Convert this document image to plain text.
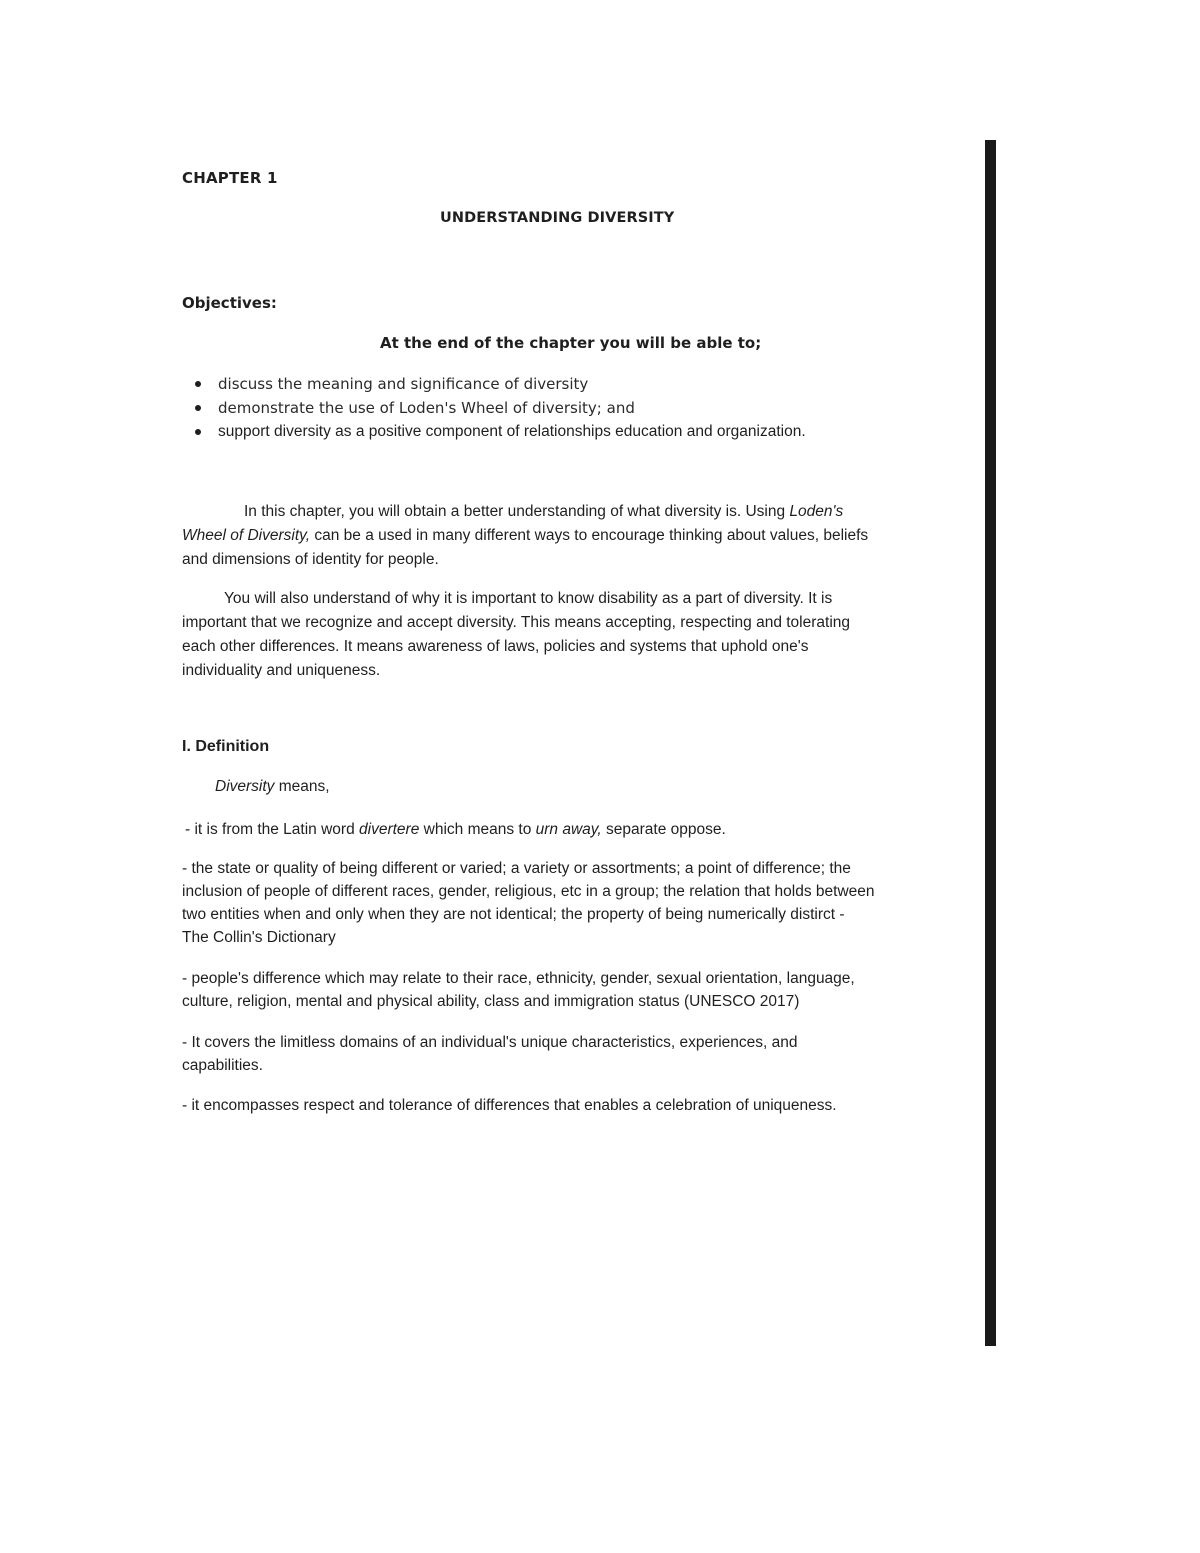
CHAPTER 1
UNDERSTANDING DIVERSITY
Objectives:
At the end of the chapter you will be able to;
discuss the meaning and significance of diversity
demonstrate the use of Loden's Wheel of diversity; and
support diversity as a positive component of relationships education and organization.

In this chapter, you will obtain a better understanding of what diversity is. Using Loden's
Wheel of Diversity, can be a used in many different ways to encourage thinking about values, beliefs
and dimensions of identity for people.

You will also understand of why it is important to know disability as a part of diversity. It is
important that we recognize and accept diversity. This means accepting, respecting and tolerating
each other differences. It means awareness of laws, policies and systems that uphold one's
individuality and uniqueness.

I. Definition
Diversity means,

- it is from the Latin word divertere which means to urn away, separate oppose.

- the state or quality of being different or varied; a variety or assortments; a point of difference; the
inclusion of people of different races, gender, religious, etc in a group; the relation that holds between
two entities when and only when they are not identical; the property of being numerically distirct -
The Collin's Dictionary

- people's difference which may relate to their race, ethnicity, gender, sexual orientation, language,
culture, religion, mental and physical ability, class and immigration status (UNESCO 2017)

- It covers the limitless domains of an individual's unique characteristics, experiences, and
capabilities.

- it encompasses respect and tolerance of differences that enables a celebration of uniqueness.
